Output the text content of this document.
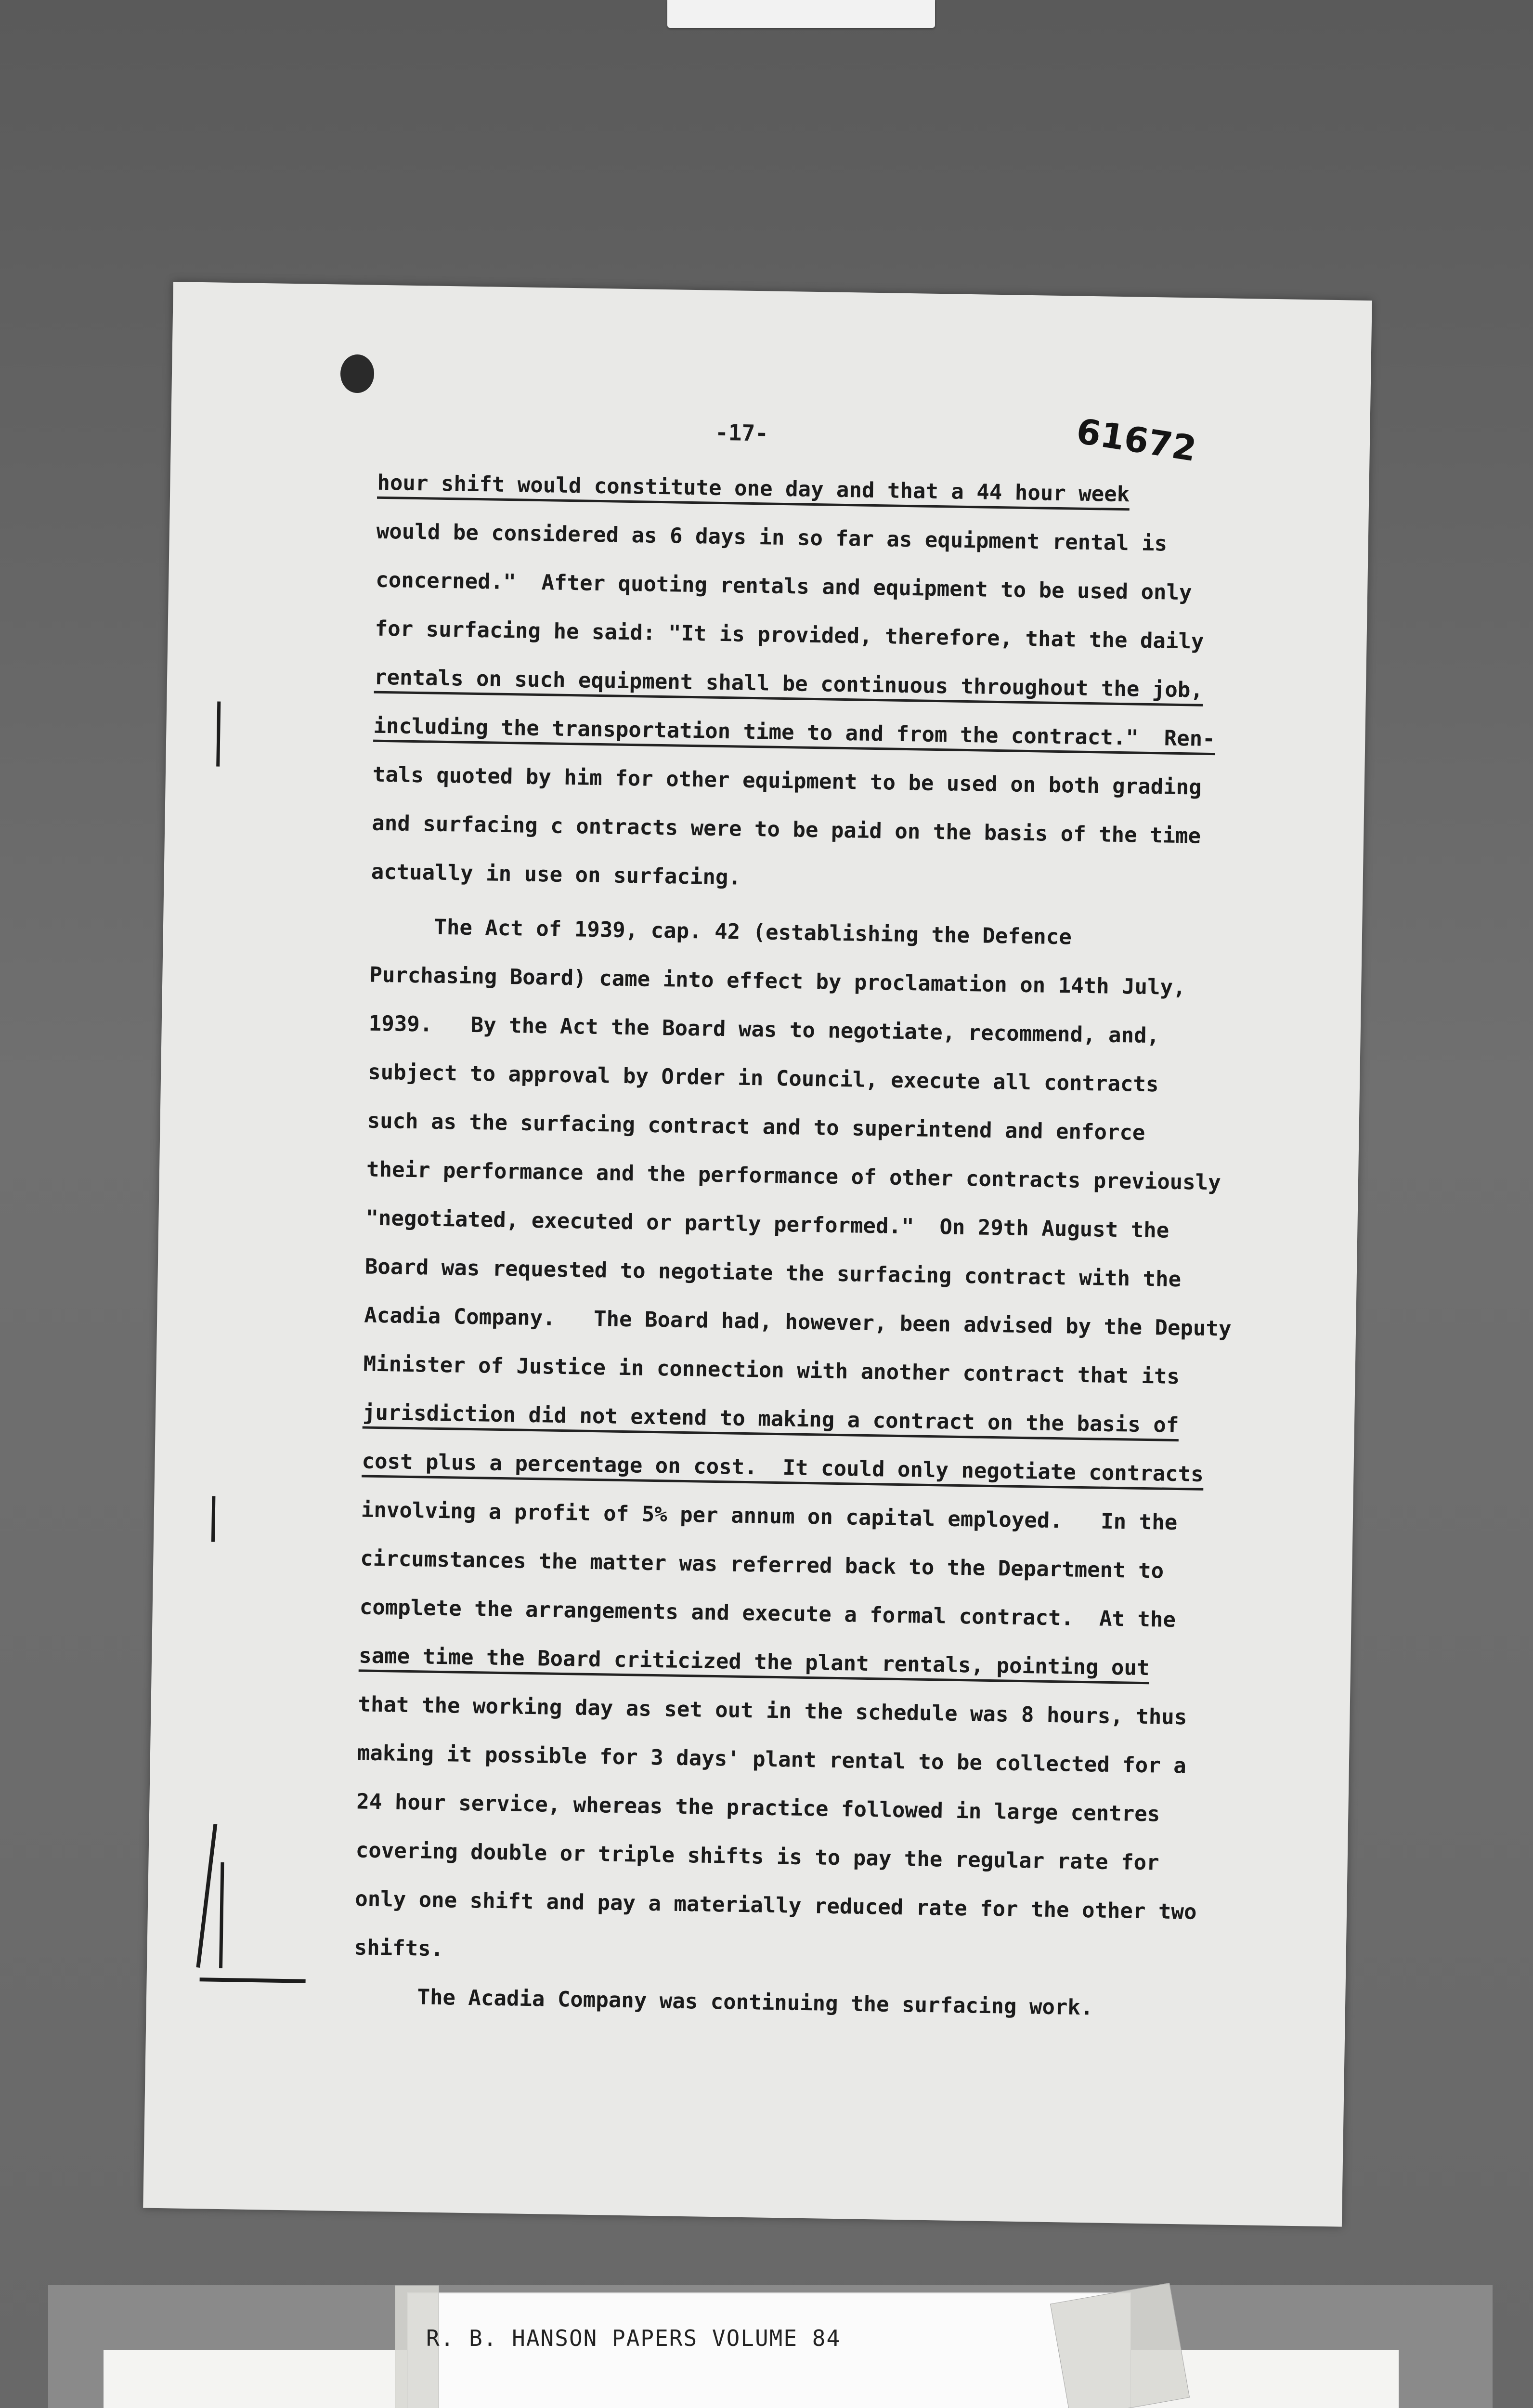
-17-	61672
hour shift would constitute one day and that a 44 hour week
would be considered as 6 days in so far as equipment rental is
concerned."  After quoting rentals and equipment to be used only
for surfacing he said: "It is provided, therefore, that the daily
rentals on such equipment shall be continuous throughout the job,
including the transportation time to and from the contract."  Ren-
tals quoted by him for other equipment to be used on both grading
and surfacing c ontracts were to be paid on the basis of the time
actually in use on surfacing.
The Act of 1939, cap. 42 (establishing the Defence
Purchasing Board) came into effect by proclamation on 14th July,
1939.   By the Act the Board was to negotiate, recommend, and,
subject to approval by Order in Council, execute all contracts
such as the surfacing contract and to superintend and enforce
their performance and the performance of other contracts previously
"negotiated, executed or partly performed."  On 29th August the
Board was requested to negotiate the surfacing contract with the
Acadia Company.   The Board had, however, been advised by the Deputy
Minister of Justice in connection with another contract that its
jurisdiction did not extend to making a contract on the basis of
cost plus a percentage on cost.  It could only negotiate contracts
involving a profit of 5% per annum on capital employed.   In the
circumstances the matter was referred back to the Department to
complete the arrangements and execute a formal contract.  At the
same time the Board criticized the plant rentals, pointing out
that the working day as set out in the schedule was 8 hours, thus
making it possible for 3 days' plant rental to be collected for a
24 hour service, whereas the practice followed in large centres
covering double or triple shifts is to pay the regular rate for
only one shift and pay a materially reduced rate for the other two
shifts.
The Acadia Company was continuing the surfacing work.
R. B. HANSON PAPERS VOLUME 84
